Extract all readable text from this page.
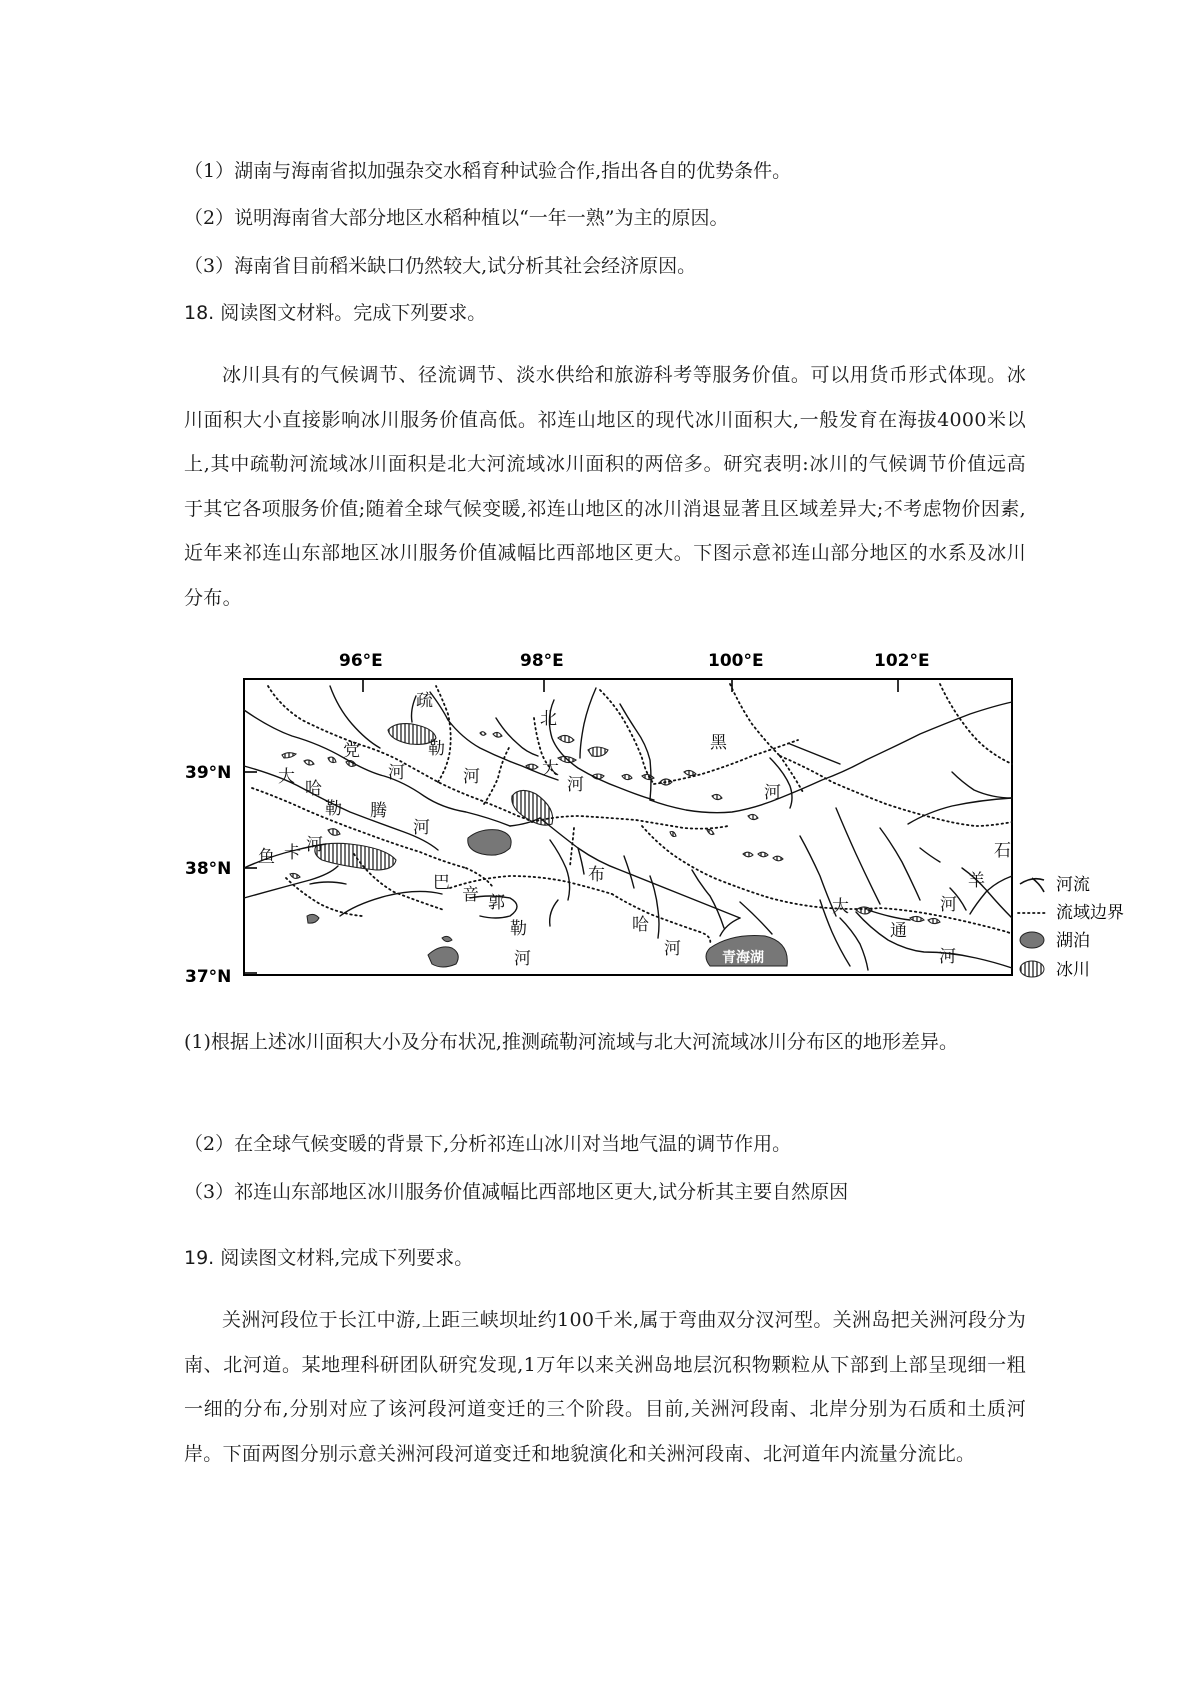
（1）湖南与海南省拟加强杂交水稻育种试验合作,指出各自的优势条件。
（2）说明海南省大部分地区水稻种植以“一年一熟”为主的原因。
（3）海南省目前稻米缺口仍然较大,试分析其社会经济原因。
18. 阅读图文材料。完成下列要求。
冰川具有的气候调节、径流调节、淡水供给和旅游科考等服务价值。可以用货币形式体现。冰川面积大小直接影响冰川服务价值高低。祁连山地区的现代冰川面积大,一般发育在海拔4000米以上,其中疏勒河流域冰川面积是北大河流域冰川面积的两倍多。研究表明:冰川的气候调节价值远高于其它各项服务价值;随着全球气候变暖,祁连山地区的冰川消退显著且区域差异大;不考虑物价因素,近年来祁连山东部地区冰川服务价值减幅比西部地区更大。下图示意祁连山部分地区的水系及冰川分布。
96°E	98°E	100°E	102°E
39°N
38°N
37°N
疏
勒
河
党
河
大
哈
勒 腾
河
鱼 卡 河
北
大
河
黑
河
巴
音 郭
勒
河
布
哈
河	青海湖
大
通
河
石
羊
河
河流
流域边界
湖泊
冰川
(1)根据上述冰川面积大小及分布状况,推测疏勒河流域与北大河流域冰川分布区的地形差异。
（2）在全球气候变暖的背景下,分析祁连山冰川对当地气温的调节作用。
（3）祁连山东部地区冰川服务价值减幅比西部地区更大,试分析其主要自然原因
19. 阅读图文材料,完成下列要求。
关洲河段位于长江中游,上距三峡坝址约100千米,属于弯曲双分汊河型。关洲岛把关洲河段分为南、北河道。某地理科研团队研究发现,1万年以来关洲岛地层沉积物颗粒从下部到上部呈现细一粗一细的分布,分别对应了该河段河道变迁的三个阶段。目前,关洲河段南、北岸分别为石质和土质河岸。下面两图分别示意关洲河段河道变迁和地貌演化和关洲河段南、北河道年内流量分流比。
